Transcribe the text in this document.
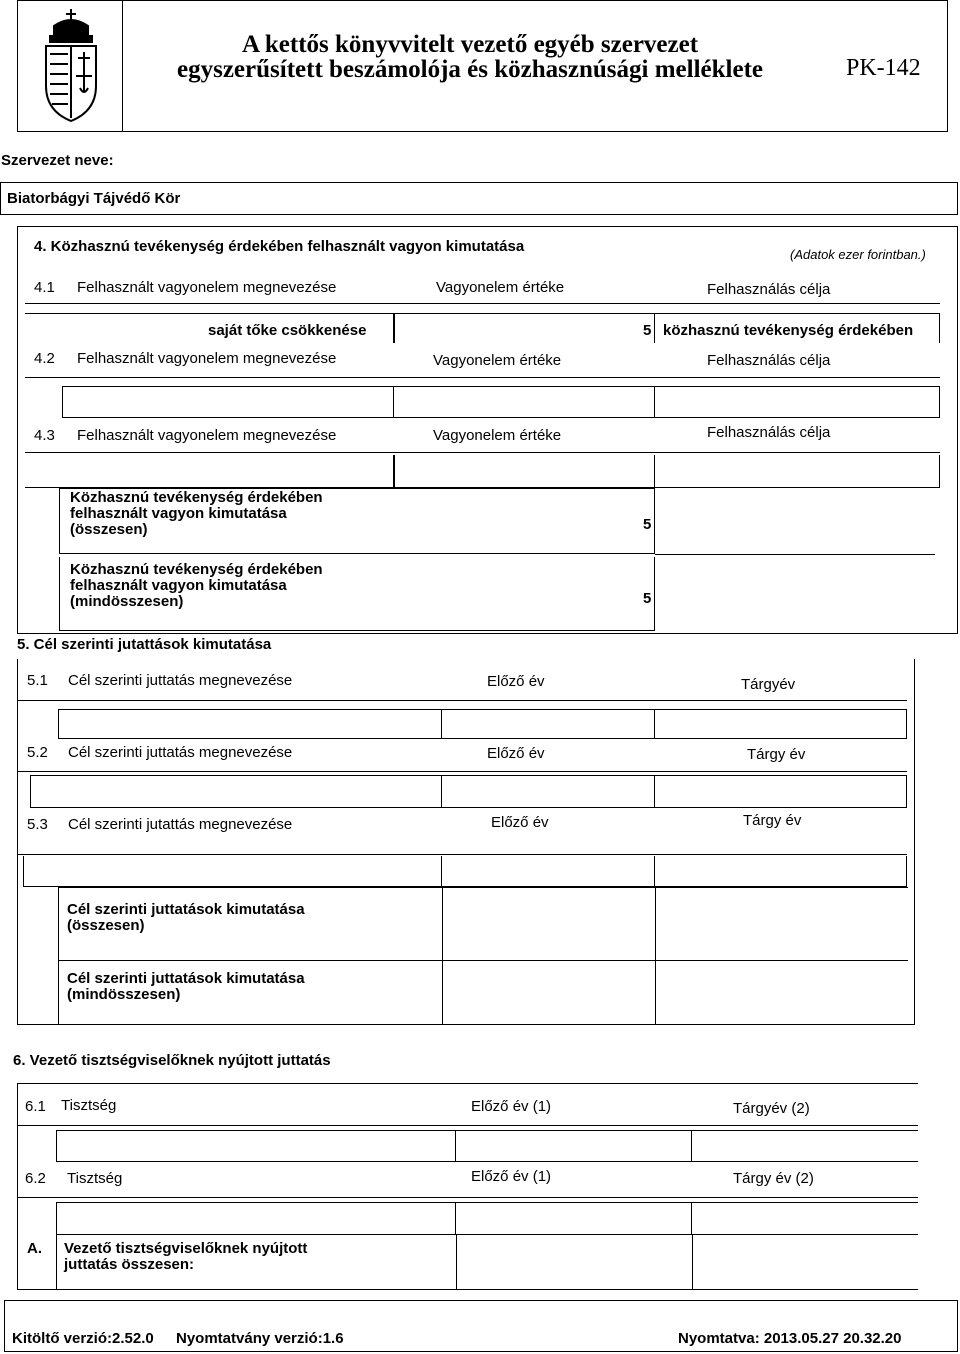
A kettős könyvvitelt vezető egyéb szervezet
egyszerűsített beszámolója és közhasznúsági melléklete	PK-142
Szervezet neve:
Biatorbágyi Tájvédő Kör
4. Közhasznú tevékenység érdekében felhasznált vagyon kimutatása	(Adatok ezer forintban.)
4.1 Felhasznált vagyonelem megnevezése	Vagyonelem értéke	Felhasználás célja
saját tőke csökkenése	5 közhasznú tevékenység érdekében
4.2 Felhasznált vagyonelem megnevezése	Vagyonelem értéke	Felhasználás célja
4.3 Felhasznált vagyonelem megnevezése	Vagyonelem értéke	Felhasználás célja
Közhasznú tevékenység érdekében
felhasznált vagyon kimutatása
(összesen)	5
Közhasznú tevékenység érdekében
felhasznált vagyon kimutatása
(mindösszesen)	5
5. Cél szerinti jutattások kimutatása
5.1 Cél szerinti juttatás megnevezése	Előző év	Tárgyév
5.2 Cél szerinti juttatás megnevezése	Előző év	Tárgy év
5.3 Cél szerinti jutattás megnevezése	Előző év	Tárgy év
Cél szerinti juttatások kimutatása
(összesen)
Cél szerinti juttatások kimutatása
(mindösszesen)
6. Vezető tisztségviselőknek nyújtott juttatás
6.1 Tisztség	Előző év (1)	Tárgyév (2)
6.2 Tisztség	Előző év (1)	Tárgy év (2)
A. Vezető tisztségviselőknek nyújtott
juttatás összesen:
Kitöltő verzió:2.52.0 Nyomtatvány verzió:1.6	Nyomtatva: 2013.05.27 20.32.20
